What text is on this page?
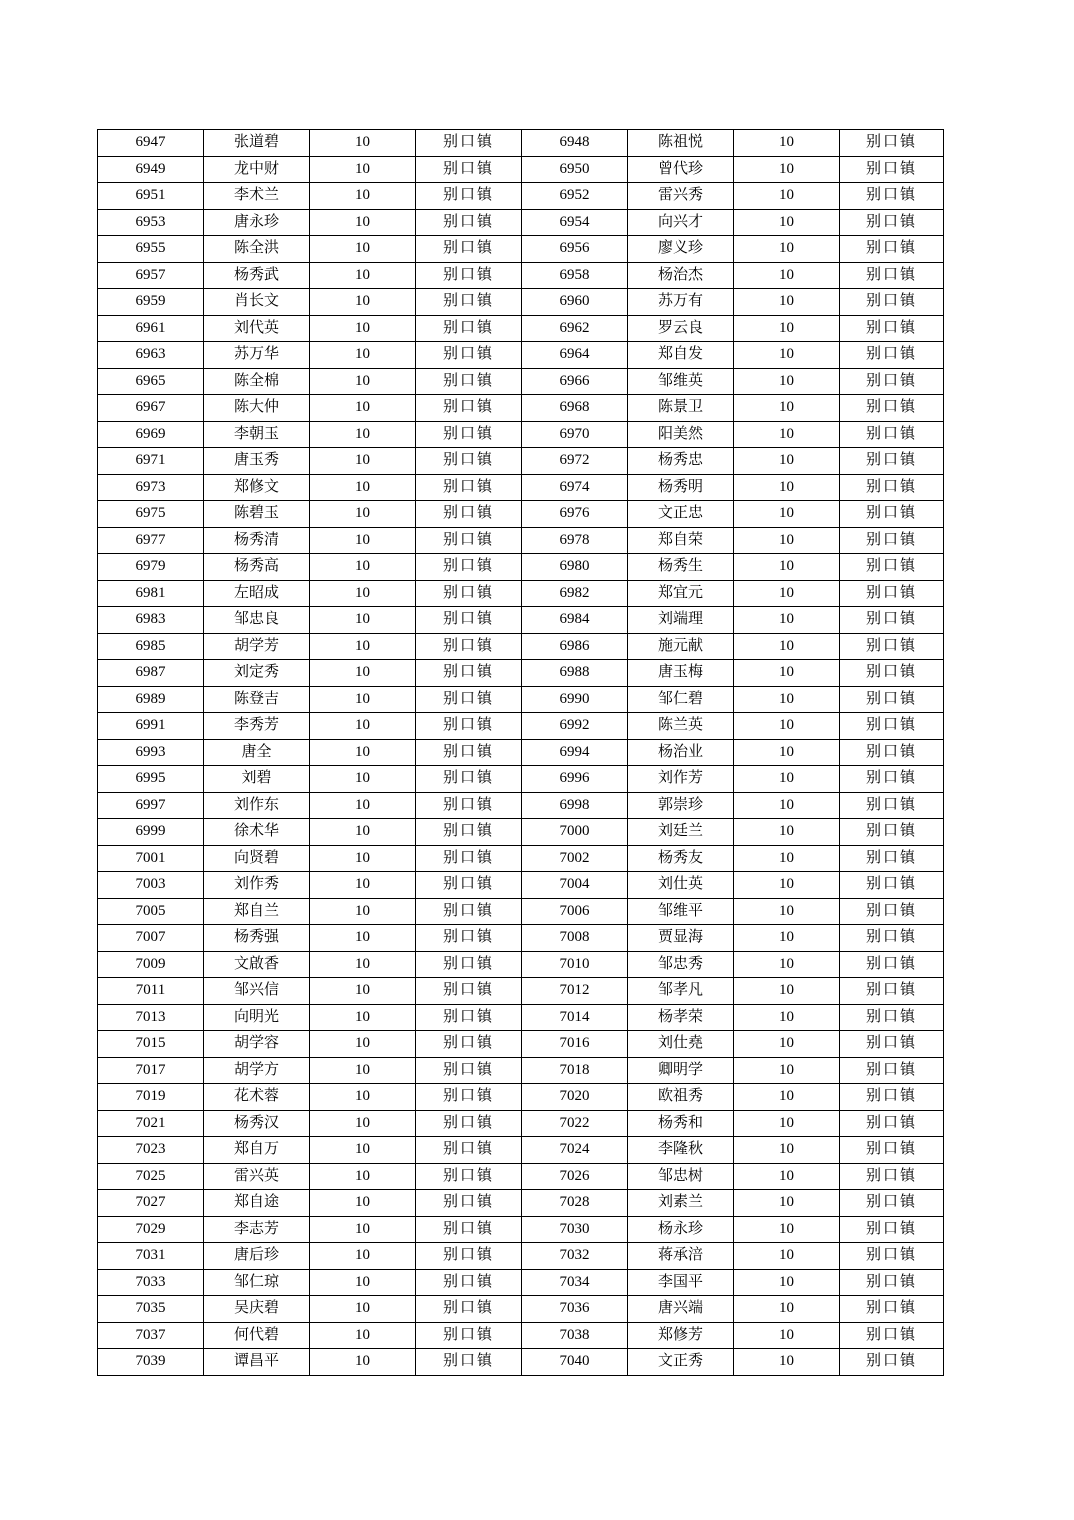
6947	张道碧	10	别口镇	6948	陈祖悦	10	别口镇
6949	龙中财	10	别口镇	6950	曾代珍	10	别口镇
6951	李术兰	10	别口镇	6952	雷兴秀	10	别口镇
6953	唐永珍	10	别口镇	6954	向兴才	10	别口镇
6955	陈全洪	10	别口镇	6956	廖义珍	10	别口镇
6957	杨秀武	10	别口镇	6958	杨治杰	10	别口镇
6959	肖长文	10	别口镇	6960	苏万有	10	别口镇
6961	刘代英	10	别口镇	6962	罗云良	10	别口镇
6963	苏万华	10	别口镇	6964	郑自发	10	别口镇
6965	陈全棉	10	别口镇	6966	邹维英	10	别口镇
6967	陈大仲	10	别口镇	6968	陈景卫	10	别口镇
6969	李朝玉	10	别口镇	6970	阳美然	10	别口镇
6971	唐玉秀	10	别口镇	6972	杨秀忠	10	别口镇
6973	郑修文	10	别口镇	6974	杨秀明	10	别口镇
6975	陈碧玉	10	别口镇	6976	文正忠	10	别口镇
6977	杨秀清	10	别口镇	6978	郑自荣	10	别口镇
6979	杨秀高	10	别口镇	6980	杨秀生	10	别口镇
6981	左昭成	10	别口镇	6982	郑宜元	10	别口镇
6983	邹忠良	10	别口镇	6984	刘端理	10	别口镇
6985	胡学芳	10	别口镇	6986	施元献	10	别口镇
6987	刘定秀	10	别口镇	6988	唐玉梅	10	别口镇
6989	陈登吉	10	别口镇	6990	邹仁碧	10	别口镇
6991	李秀芳	10	别口镇	6992	陈兰英	10	别口镇
6993	唐全	10	别口镇	6994	杨治业	10	别口镇
6995	刘碧	10	别口镇	6996	刘作芳	10	别口镇
6997	刘作东	10	别口镇	6998	郭崇珍	10	别口镇
6999	徐术华	10	别口镇	7000	刘廷兰	10	别口镇
7001	向贤碧	10	别口镇	7002	杨秀友	10	别口镇
7003	刘作秀	10	别口镇	7004	刘仕英	10	别口镇
7005	郑自兰	10	别口镇	7006	邹维平	10	别口镇
7007	杨秀强	10	别口镇	7008	贾显海	10	别口镇
7009	文啟香	10	别口镇	7010	邹忠秀	10	别口镇
7011	邹兴信	10	别口镇	7012	邹孝凡	10	别口镇
7013	向明光	10	别口镇	7014	杨孝荣	10	别口镇
7015	胡学容	10	别口镇	7016	刘仕堯	10	别口镇
7017	胡学方	10	别口镇	7018	卿明学	10	别口镇
7019	花术蓉	10	别口镇	7020	欧祖秀	10	别口镇
7021	杨秀汉	10	别口镇	7022	杨秀和	10	别口镇
7023	郑自万	10	别口镇	7024	李隆秋	10	别口镇
7025	雷兴英	10	别口镇	7026	邹忠树	10	别口镇
7027	郑自途	10	别口镇	7028	刘素兰	10	别口镇
7029	李志芳	10	别口镇	7030	杨永珍	10	别口镇
7031	唐后珍	10	别口镇	7032	蒋承涪	10	别口镇
7033	邹仁琼	10	别口镇	7034	李国平	10	别口镇
7035	吴庆碧	10	别口镇	7036	唐兴端	10	别口镇
7037	何代碧	10	别口镇	7038	郑修芳	10	别口镇
7039	谭昌平	10	别口镇	7040	文正秀	10	别口镇
